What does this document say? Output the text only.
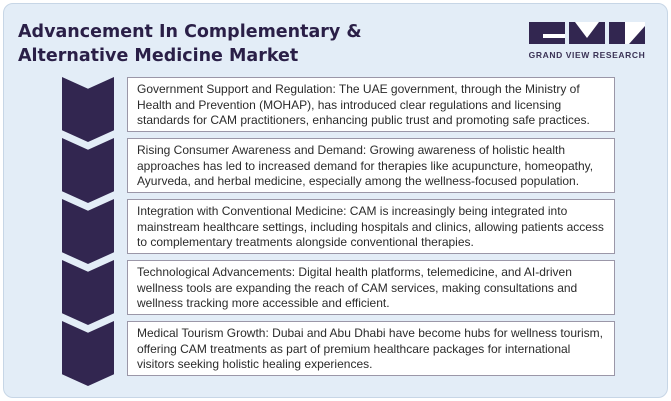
Advancement In Complementary &
Alternative Medicine Market	GRAND VIEW RESEARCH
Government Support and Regulation: The UAE government, through the Ministry of Health and Prevention (MOHAP), has introduced clear regulations and licensing standards for CAM practitioners, enhancing public trust and promoting safe practices.
Rising Consumer Awareness and Demand: Growing awareness of holistic health approaches has led to increased demand for therapies like acupuncture, homeopathy, Ayurveda, and herbal medicine, especially among the wellness-focused population.
Integration with Conventional Medicine: CAM is increasingly being integrated into mainstream healthcare settings, including hospitals and clinics, allowing patients access to complementary treatments alongside conventional therapies.
Technological Advancements: Digital health platforms, telemedicine, and AI-driven wellness tools are expanding the reach of CAM services, making consultations and wellness tracking more accessible and efficient.
Medical Tourism Growth: Dubai and Abu Dhabi have become hubs for wellness tourism, offering CAM treatments as part of premium healthcare packages for international visitors seeking holistic healing experiences.
